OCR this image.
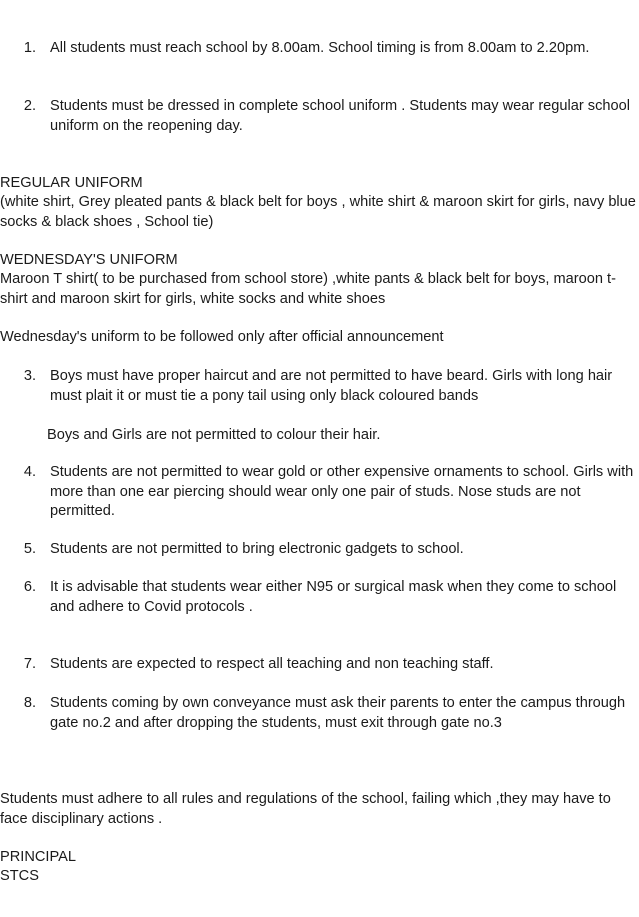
1. All students must reach school by 8.00am. School timing is from 8.00am to 2.20pm.
2. Students must be dressed in complete school uniform . Students may wear regular school uniform on the reopening day.
REGULAR UNIFORM
(white shirt, Grey pleated pants & black belt for boys , white shirt & maroon skirt for girls, navy blue socks & black shoes , School tie)
WEDNESDAY'S UNIFORM
Maroon T shirt( to be purchased from school store) ,white pants & black belt for boys, maroon t-shirt and maroon skirt for girls, white socks and white shoes
Wednesday's uniform to be followed only after official announcement
3. Boys must have proper haircut and are not permitted to have beard. Girls with long hair must plait it or must tie a pony tail using only black coloured bands
Boys and Girls are not permitted to colour their hair.
4. Students are not permitted to wear gold or other expensive ornaments to school. Girls with more than one ear piercing should wear only one pair of studs. Nose studs are not permitted.
5. Students are not permitted to bring electronic gadgets to school.
6. It is advisable that students wear either N95 or surgical mask when they come to school and adhere to Covid protocols .
7. Students are expected to respect all teaching and non teaching staff.
8. Students coming by own conveyance must ask their parents to enter the campus through gate no.2 and after dropping the students, must exit through gate no.3
Students must adhere to all rules and regulations of the school, failing which ,they may have to face disciplinary actions .
PRINCIPAL
STCS
